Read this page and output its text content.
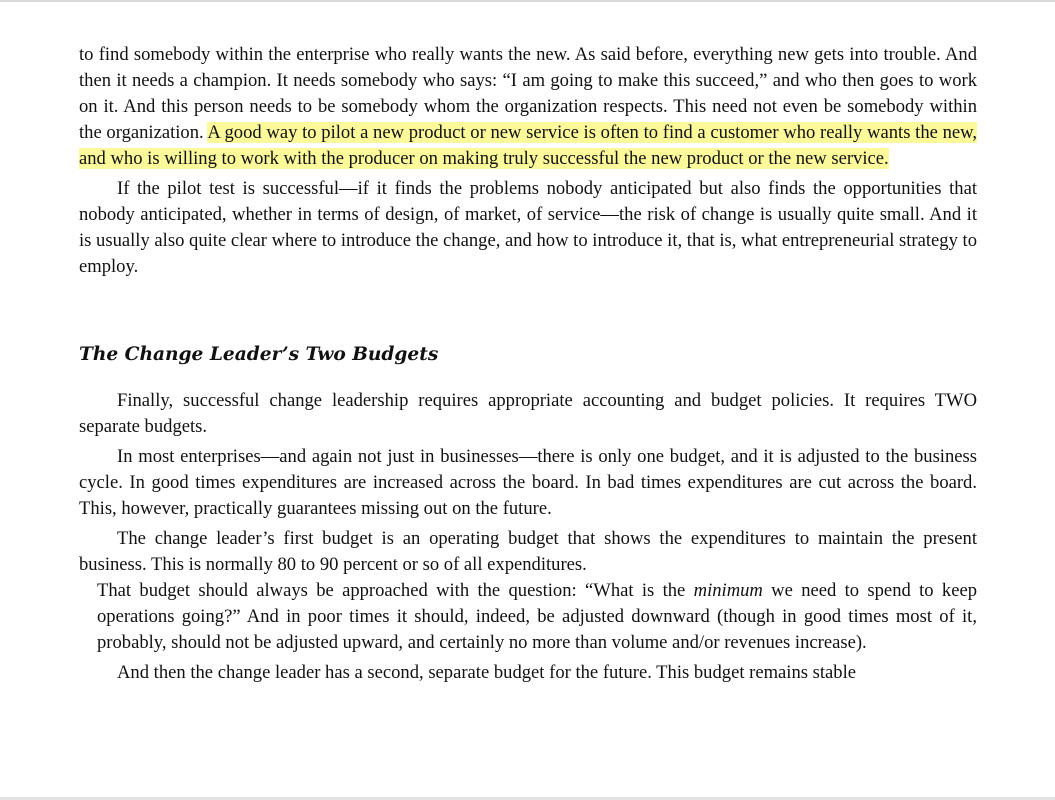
to find somebody within the enterprise who really wants the new. As said before, everything new gets into trouble. And then it needs a champion. It needs somebody who says: “I am going to make this succeed,” and who then goes to work on it. And this person needs to be somebody whom the organization respects. This need not even be somebody within the organization. A good way to pilot a new product or new service is often to find a customer who really wants the new, and who is willing to work with the producer on making truly successful the new product or the new service.

If the pilot test is successful—if it finds the problems nobody anticipated but also finds the opportunities that nobody anticipated, whether in terms of design, of market, of service—the risk of change is usually quite small. And it is usually also quite clear where to introduce the change, and how to introduce it, that is, what entrepreneurial strategy to employ.

The Change Leader’s Two Budgets

Finally, successful change leadership requires appropriate accounting and budget policies. It requires TWO separate budgets.

In most enterprises—and again not just in businesses—there is only one budget, and it is adjusted to the business cycle. In good times expenditures are increased across the board. In bad times expenditures are cut across the board. This, however, practically guarantees missing out on the future.

The change leader’s first budget is an operating budget that shows the expenditures to maintain the present business. This is normally 80 to 90 percent or so of all expenditures.

That budget should always be approached with the question: “What is the minimum we need to spend to keep operations going?” And in poor times it should, indeed, be adjusted downward (though in good times most of it, probably, should not be adjusted upward, and certainly no more than volume and/or revenues increase).

And then the change leader has a second, separate budget for the future. This budget remains stable
